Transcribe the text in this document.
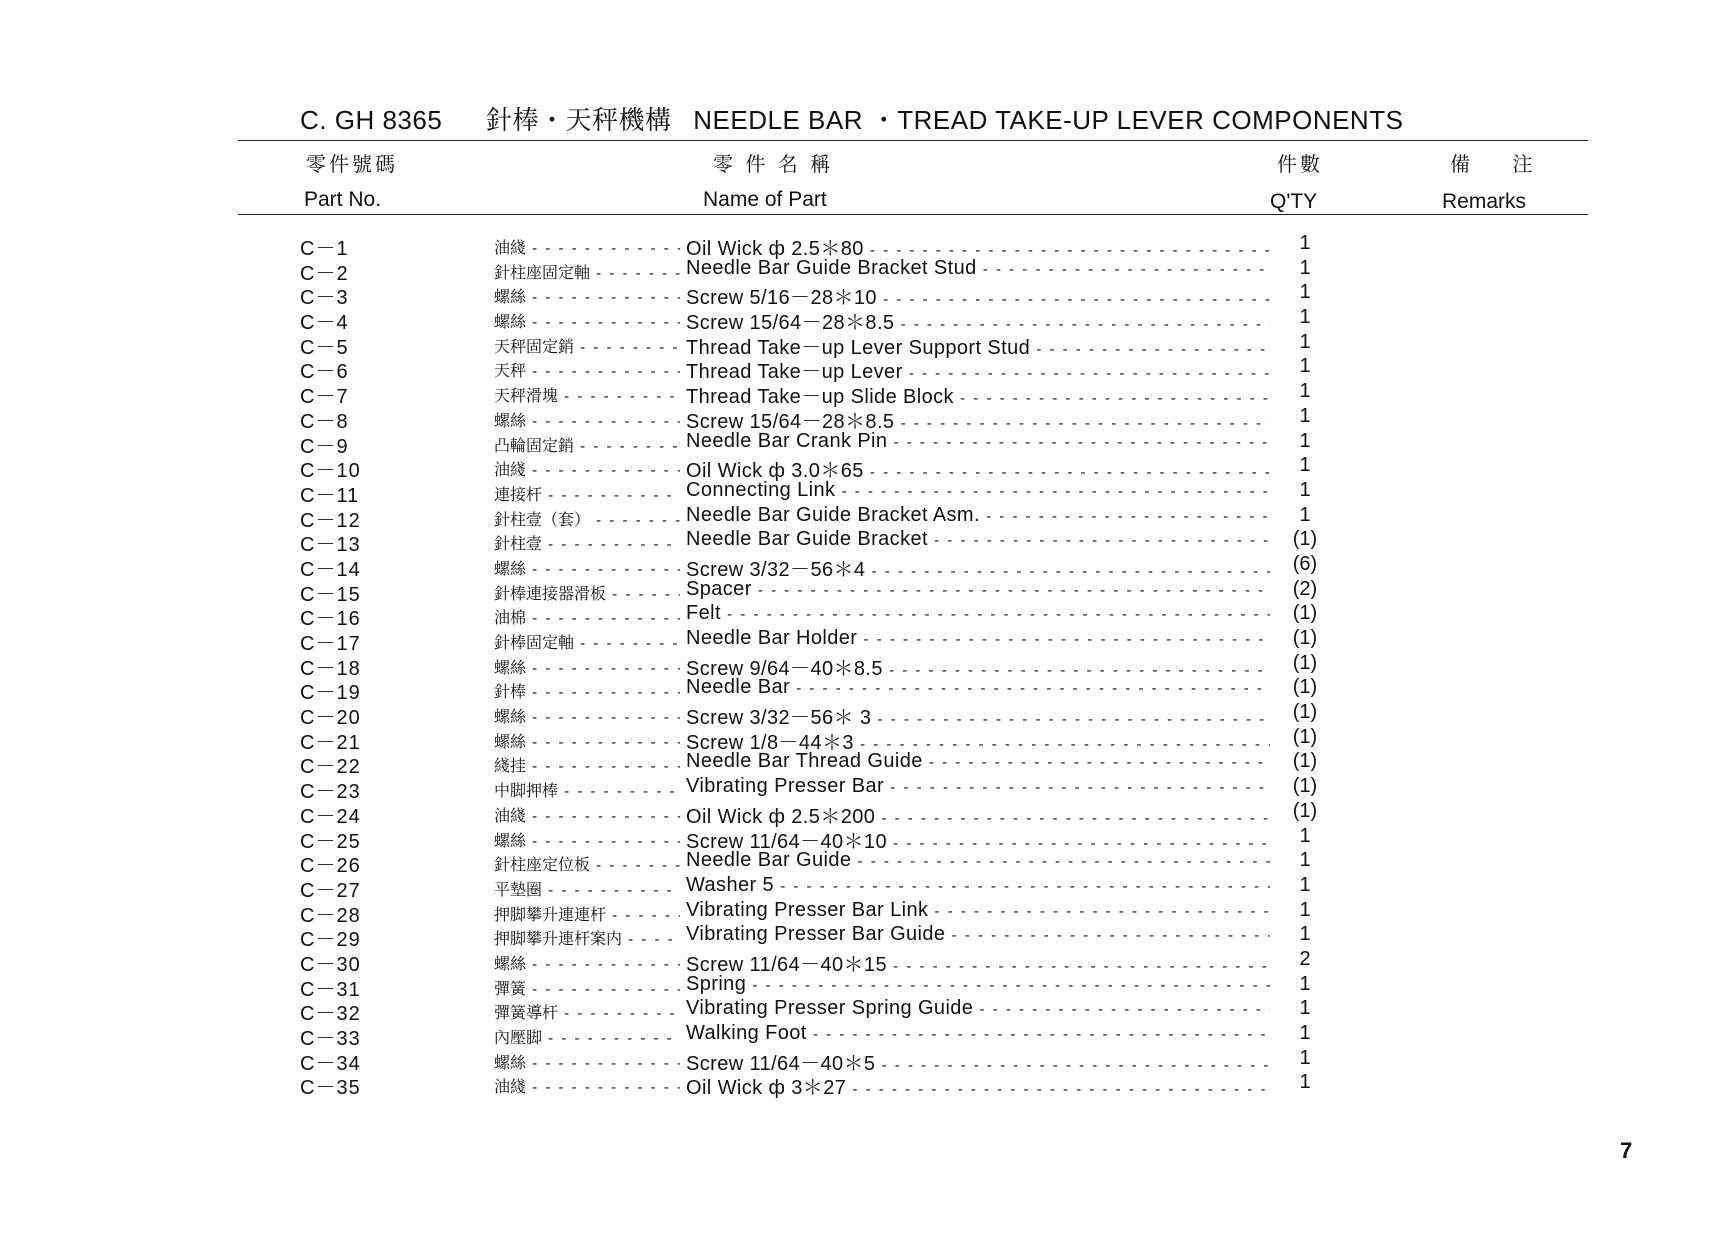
C. GH 8365 針棒・天秤機構 NEEDLE BAR ・TREAD TAKE-UP LEVER COMPONENTS
零件號碼	零 件 名 稱	件數	備 注
Part No.	Name of Part	Q'TY	Remarks
C－1	油綫 - - -	Oil Wick ф 2.5＊80 - - -	1
C－2	針柱座固定軸 - - -	Needle Bar Guide Bracket Stud - - -	1
C－3	螺絲 - - -	Screw 5/16－28＊10 - - -	1
C－4	螺絲 - - -	Screw 15/64－28＊8.5 - - -	1
C－5	天秤固定銷 - - -	Thread Take－up Lever Support Stud - - -	1
C－6	天秤 - - -	Thread Take－up Lever - - -	1
C－7	天秤滑塊 - - -	Thread Take－up Slide Block - - -	1
C－8	螺絲 - - -	Screw 15/64－28＊8.5 - - -	1
C－9	凸輪固定銷 - - -	Needle Bar Crank Pin - - -	1
C－10	油綫 - - -	Oil Wick ф 3.0＊65 - - -	1
C－11	連接杆 - - -	Connecting Link - - -	1
C－12	針柱壹（套） - - -	Needle Bar Guide Bracket Asm. - - -	1
C－13	針柱壹 - - -	Needle Bar Guide Bracket - - -	(1)
C－14	螺絲 - - -	Screw 3/32－56＊4 - - -	(6)
C－15	針棒連接器滑板 - - -	Spacer - - -	(2)
C－16	油棉 - - -	Felt - - -	(1)
C－17	針棒固定軸 - - -	Needle Bar Holder - - -	(1)
C－18	螺絲 - - -	Screw 9/64－40＊8.5 - - -	(1)
C－19	針棒 - - -	Needle Bar - - -	(1)
C－20	螺絲 - - -	Screw 3/32－56＊ 3 - - -	(1)
C－21	螺絲 - - -	Screw 1/8－44＊3 - - -	(1)
C－22	綫挂 - - -	Needle Bar Thread Guide - - -	(1)
C－23	中脚押棒 - - -	Vibrating Presser Bar - - -	(1)
C－24	油綫 - - -	Oil Wick ф 2.5＊200 - - -	(1)
C－25	螺絲 - - -	Screw 11/64－40＊10 - - -	1
C－26	針柱座定位板 - - -	Needle Bar Guide - - -	1
C－27	平墊圈 - - -	Washer 5 - - -	1
C－28	押脚攀升連連杆 - - -	Vibrating Presser Bar Link - - -	1
C－29	押脚攀升連杆案内 - - -	Vibrating Presser Bar Guide - - -	1
C－30	螺絲 - - -	Screw 11/64－40＊15 - - -	2
C－31	彈簧 - - -	Spring - - -	1
C－32	彈簧導杆 - - -	Vibrating Presser Spring Guide - - -	1
C－33	內壓脚 - - -	Walking Foot - - -	1
C－34	螺絲 - - -	Screw 11/64－40＊5 - - -	1
C－35	油綫 - - -	Oil Wick ф 3＊27 - - -	1
7
